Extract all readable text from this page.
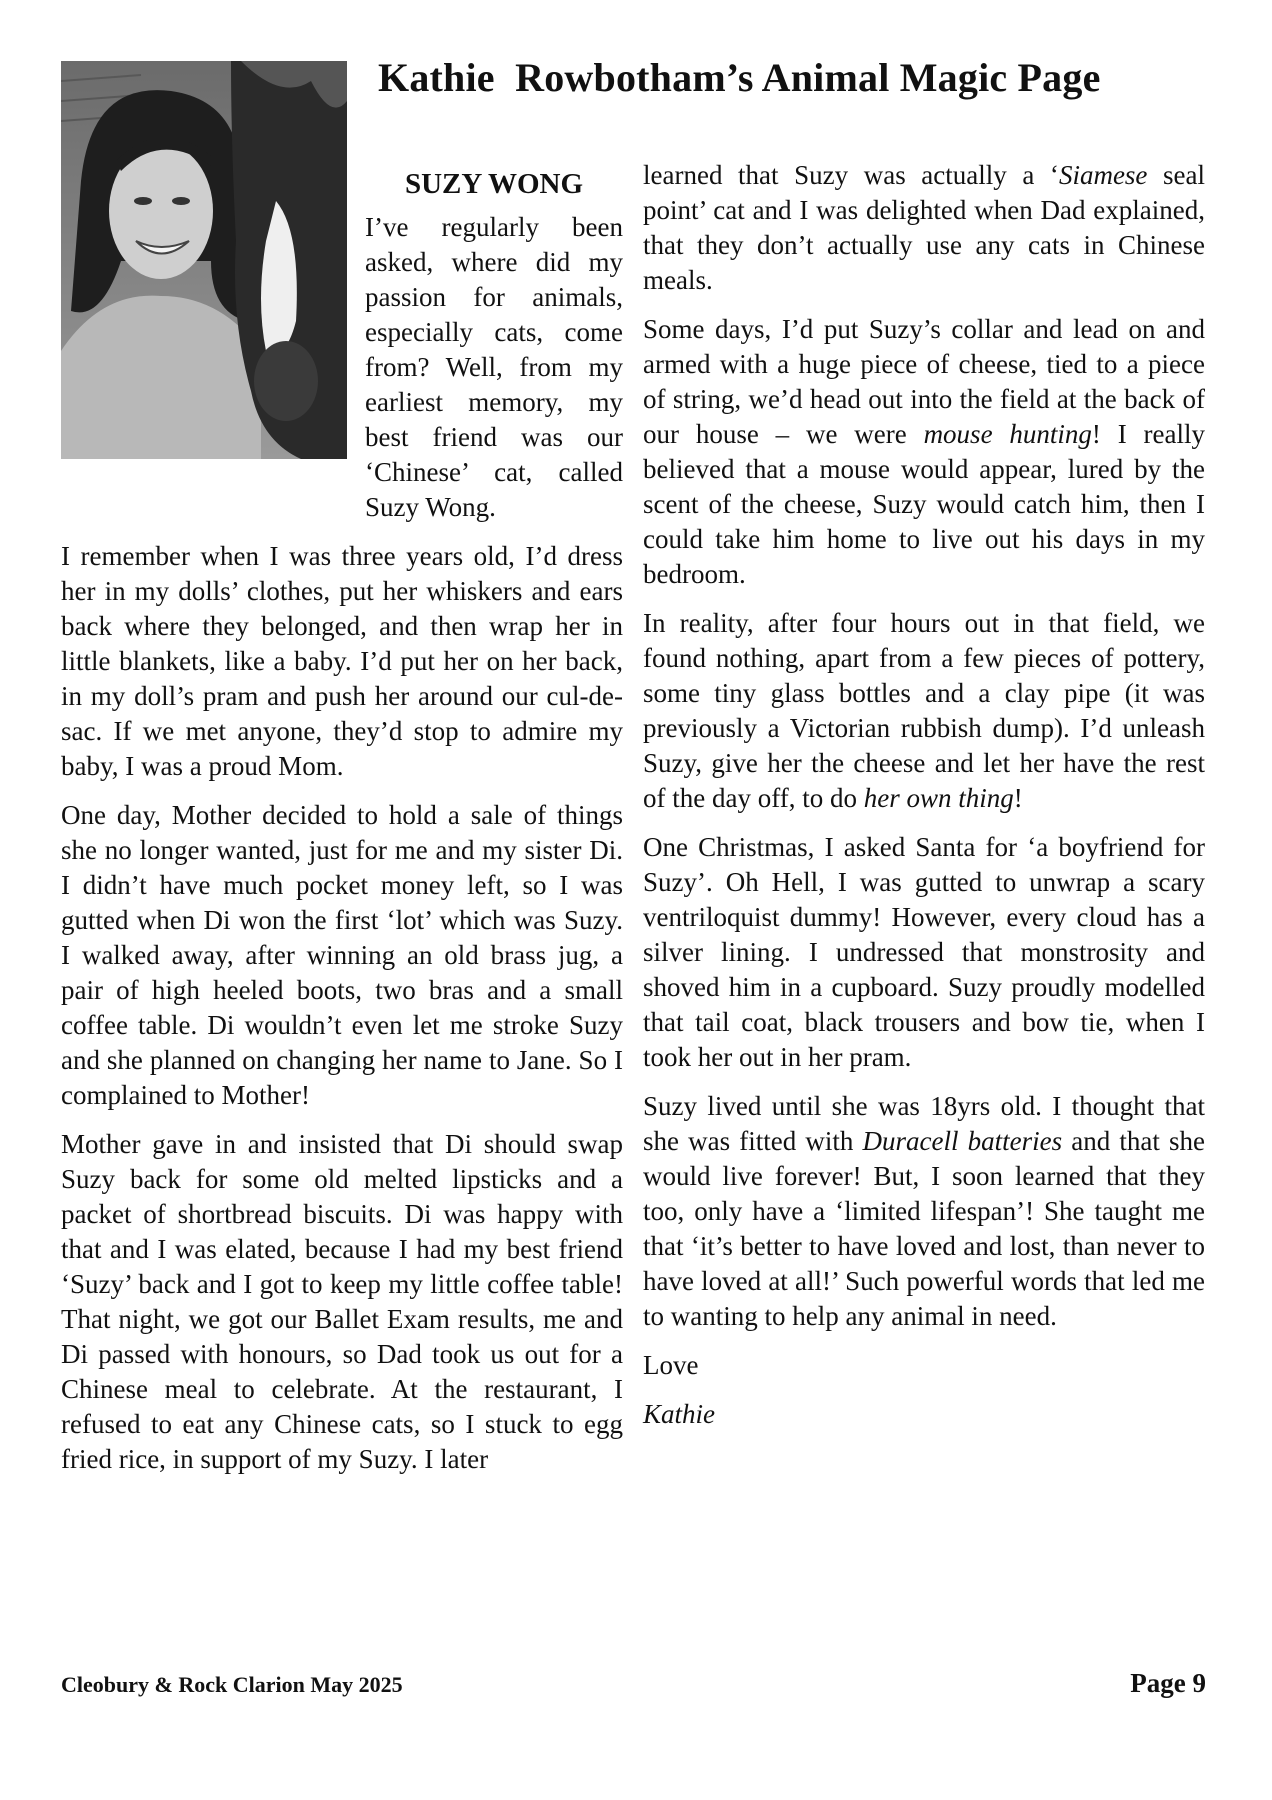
Kathie  Rowbotham’s Animal Magic Page
SUZY WONG

I’ve regularly been asked, where did my passion for animals, especially cats, come from? Well, from my earliest memory, my best friend was our ‘Chinese’ cat, called Suzy Wong.

I remember when I was three years old, I’d dress her in my dolls’ clothes, put her whiskers and ears back where they belonged, and then wrap her in little blankets, like a baby. I’d put her on her back, in my doll’s pram and push her around our cul-de-sac. If we met anyone, they’d stop to admire my baby, I was a proud Mom.

One day, Mother decided to hold a sale of things she no longer wanted, just for me and my sister Di. I didn’t have much pocket money left, so I was gutted when Di won the first ‘lot’ which was Suzy. I walked away, after winning an old brass jug, a pair of high heeled boots, two bras and a small coffee table. Di wouldn’t even let me stroke Suzy and she planned on changing her name to Jane. So I complained to Mother!

Mother gave in and insisted that Di should swap Suzy back for some old melted lipsticks and a packet of shortbread biscuits. Di was happy with that and I was elated, because I had my best friend ‘Suzy’ back and I got to keep my little coffee table! That night, we got our Ballet Exam results, me and Di passed with honours, so Dad took us out for a Chinese meal to celebrate. At the restaurant, I refused to eat any Chinese cats, so I stuck to egg fried rice, in support of my Suzy. I later

learned that Suzy was actually a ‘Siamese seal point’ cat and I was delighted when Dad explained, that they don’t actually use any cats in Chinese meals.

Some days, I’d put Suzy’s collar and lead on and armed with a huge piece of cheese, tied to a piece of string, we’d head out into the field at the back of our house – we were mouse hunting! I really believed that a mouse would appear, lured by the scent of the cheese, Suzy would catch him, then I could take him home to live out his days in my bedroom.

In reality, after four hours out in that field, we found nothing, apart from a few pieces of pottery, some tiny glass bottles and a clay pipe (it was previously a Victorian rubbish dump). I’d unleash Suzy, give her the cheese and let her have the rest of the day off, to do her own thing!

One Christmas, I asked Santa for ‘a boyfriend for Suzy’. Oh Hell, I was gutted to unwrap a scary ventriloquist dummy! However, every cloud has a silver lining. I undressed that monstrosity and shoved him in a cupboard. Suzy proudly modelled that tail coat, black trousers and bow tie, when I took her out in her pram.

Suzy lived until she was 18yrs old. I thought that she was fitted with Duracell batteries and that she would live forever! But, I soon learned that they too, only have a ‘limited lifespan’! She taught me that ‘it’s better to have loved and lost, than never to have loved at all!’ Such powerful words that led me to wanting to help any animal in need.

Love

Kathie

Cleobury & Rock Clarion May 2025	Page 9
